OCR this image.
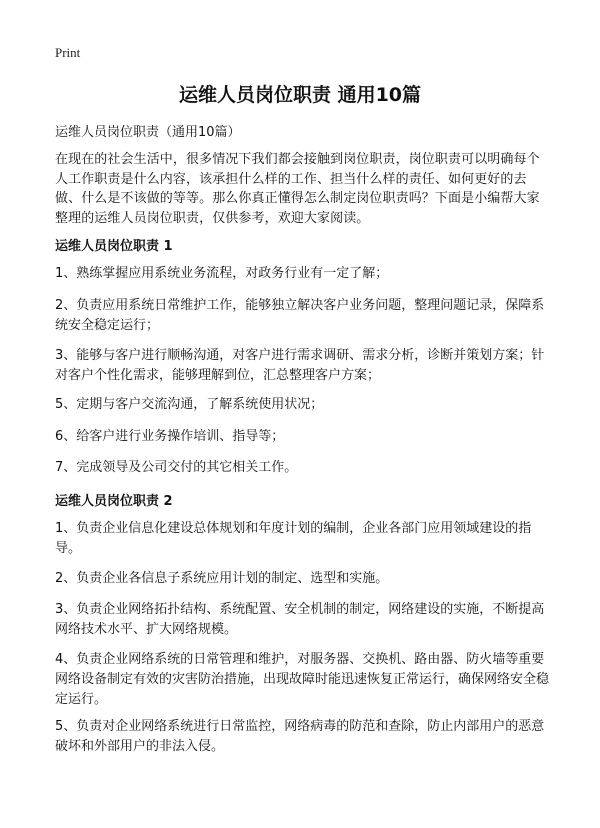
Print
运维人员岗位职责 通用10篇
运维人员岗位职责（通用10篇）
在现在的社会生活中，很多情况下我们都会接触到岗位职责，岗位职责可以明确每个人工作职责是什么内容，该承担什么样的工作、担当什么样的责任、如何更好的去做、什么是不该做的等等。那么你真正懂得怎么制定岗位职责吗？下面是小编帮大家整理的运维人员岗位职责，仅供参考，欢迎大家阅读。
运维人员岗位职责 1
1、熟练掌握应用系统业务流程，对政务行业有一定了解；
2、负责应用系统日常维护工作，能够独立解决客户业务问题，整理问题记录，保障系统安全稳定运行；
3、能够与客户进行顺畅沟通，对客户进行需求调研、需求分析，诊断并策划方案；针对客户个性化需求，能够理解到位，汇总整理客户方案；
5、定期与客户交流沟通，了解系统使用状况；
6、给客户进行业务操作培训、指导等；
7、完成领导及公司交付的其它相关工作。
运维人员岗位职责 2
1、负责企业信息化建设总体规划和年度计划的编制，企业各部门应用领域建设的指导。
2、负责企业各信息子系统应用计划的制定、选型和实施。
3、负责企业网络拓扑结构、系统配置、安全机制的制定，网络建设的实施，不断提高网络技术水平、扩大网络规模。
4、负责企业网络系统的日常管理和维护，对服务器、交换机、路由器、防火墙等重要网络设备制定有效的灾害防治措施，出现故障时能迅速恢复正常运行，确保网络安全稳定运行。
5、负责对企业网络系统进行日常监控，网络病毒的防范和查除，防止内部用户的恶意破坏和外部用户的非法入侵。
